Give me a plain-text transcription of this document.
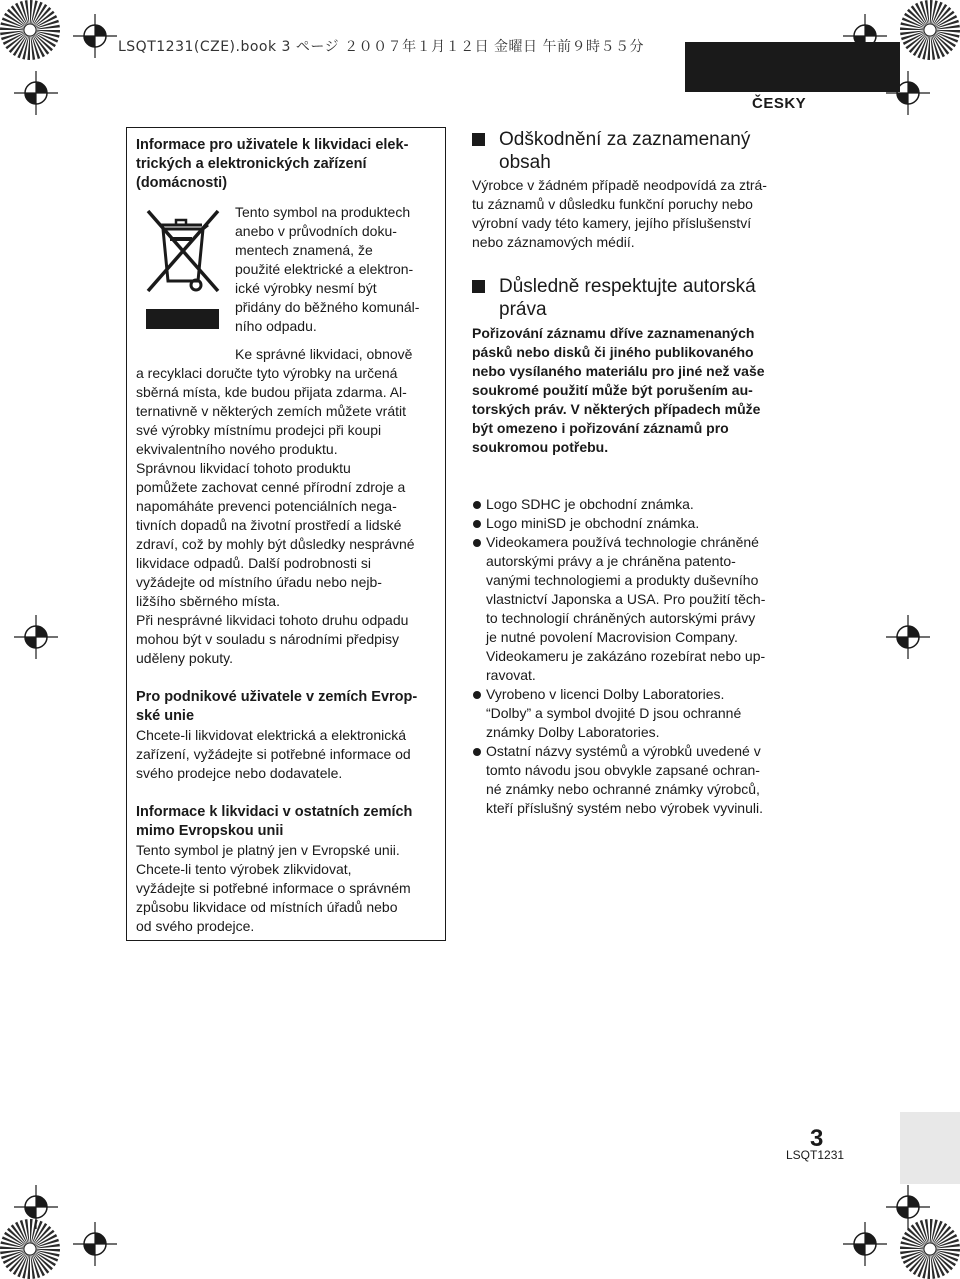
LSQT1231(CZE).book 3 ページ ２００７年１月１２日 金曜日 午前９時５５分
ČESKY
Informace pro uživatele k likvidaci elek-
trických a elektronických zařízení
(domácnosti)
Tento symbol na produktech
anebo v průvodních doku-
mentech znamená, že
použité elektrické a elektron-
ické výrobky nesmí být
přidány do běžného komunál-
ního odpadu.
Ke správné likvidaci, obnově
a recyklaci doručte tyto výrobky na určená
sběrná místa, kde budou přijata zdarma. Al-
ternativně v některých zemích můžete vrátit
své výrobky místnímu prodejci při koupi
ekvivalentního nového produktu.
Správnou likvidací tohoto produktu
pomůžete zachovat cenné přírodní zdroje a
napomáháte prevenci potenciálních nega-
tivních dopadů na životní prostředí a lidské
zdraví, což by mohly být důsledky nesprávné
likvidace odpadů. Další podrobnosti si
vyžádejte od místního úřadu nebo nejb-
ližšího sběrného místa.
Při nesprávné likvidaci tohoto druhu odpadu
mohou být v souladu s národními předpisy
uděleny pokuty.
Pro podnikové uživatele v zemích Evrop-
ské unie
Chcete-li likvidovat elektrická a elektronická
zařízení, vyžádejte si potřebné informace od
svého prodejce nebo dodavatele.
Informace k likvidaci v ostatních zemích
mimo Evropskou unii
Tento symbol je platný jen v Evropské unii.
Chcete-li tento výrobek zlikvidovat,
vyžádejte si potřebné informace o správném
způsobu likvidace od místních úřadů nebo
od svého prodejce.
Odškodnění za zaznamenaný
obsah
Výrobce v žádném případě neodpovídá za ztrá-
tu záznamů v důsledku funkční poruchy nebo
výrobní vady této kamery, jejího příslušenství
nebo záznamových médií.
Důsledně respektujte autorská
práva
Pořizování záznamu dříve zaznamenaných
pásků nebo disků či jiného publikovaného
nebo vysílaného materiálu pro jiné než vaše
soukromé použití může být porušením au-
torských práv. V některých případech může
být omezeno i pořizování záznamů pro
soukromou potřebu.
Logo SDHC je obchodní známka.
Logo miniSD je obchodní známka.
Videokamera používá technologie chráněné
autorskými právy a je chráněna patento-
vanými technologiemi a produkty duševního
vlastnictví Japonska a USA. Pro použití těch-
to technologií chráněných autorskými právy
je nutné povolení Macrovision Company.
Videokameru je zakázáno rozebírat nebo up-
ravovat.
Vyrobeno v licenci Dolby Laboratories.
“Dolby” a symbol dvojité D jsou ochranné
známky Dolby Laboratories.
Ostatní názvy systémů a výrobků uvedené v
tomto návodu jsou obvykle zapsané ochran-
né známky nebo ochranné známky výrobců,
kteří příslušný systém nebo výrobek vyvinuli.
3
LSQT1231
